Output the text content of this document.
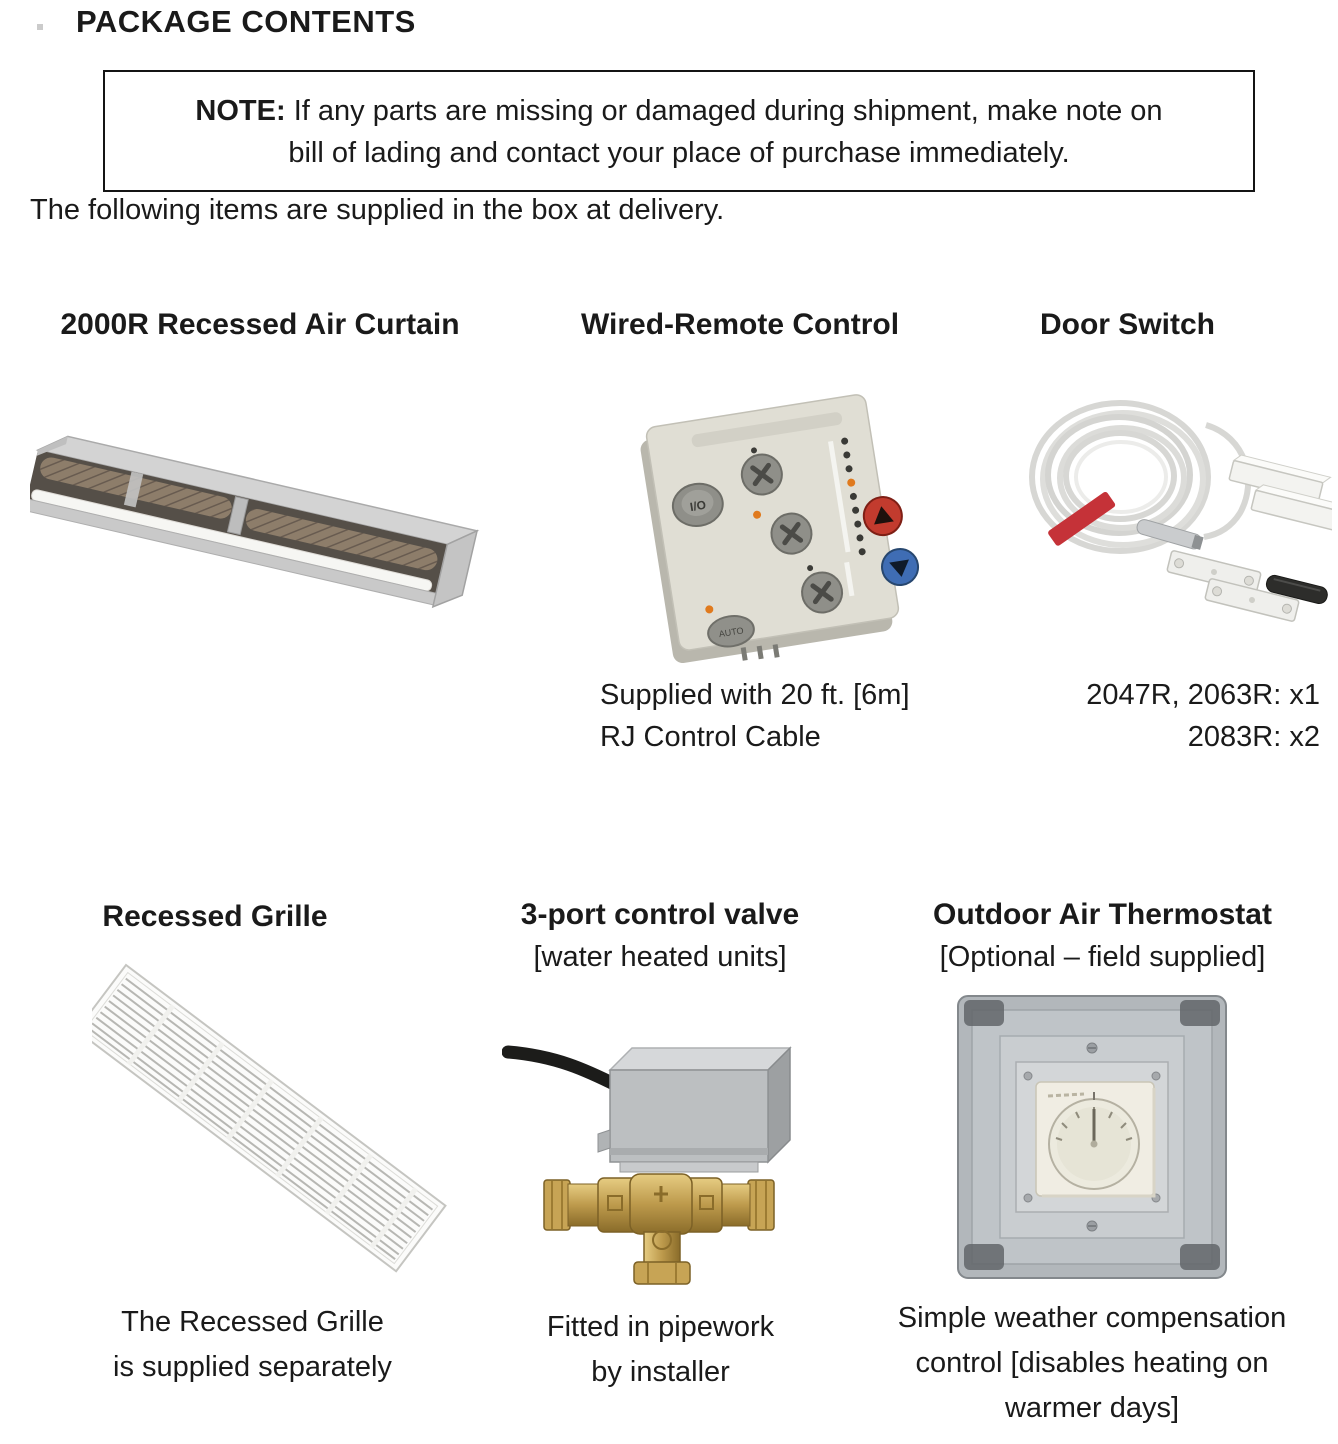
PACKAGE CONTENTS
NOTE: If any parts are missing or damaged during shipment, make note on
bill of lading and contact your place of purchase immediately.

The following items are supplied in the box at delivery.

2000R Recessed Air Curtain	Wired-Remote Control	Door Switch

I/O
AUTO
Supplied with 20 ft. [6m]
RJ Control Cable
2047R, 2063R: x1
2083R: x2

Recessed Grille	3-port control valve

[water heated units]

Outdoor Air Thermostat

[Optional – field supplied]

The Recessed Grille
is supplied separately
Fitted in pipework
by installer
Simple weather compensation
control [disables heating on
warmer days]
